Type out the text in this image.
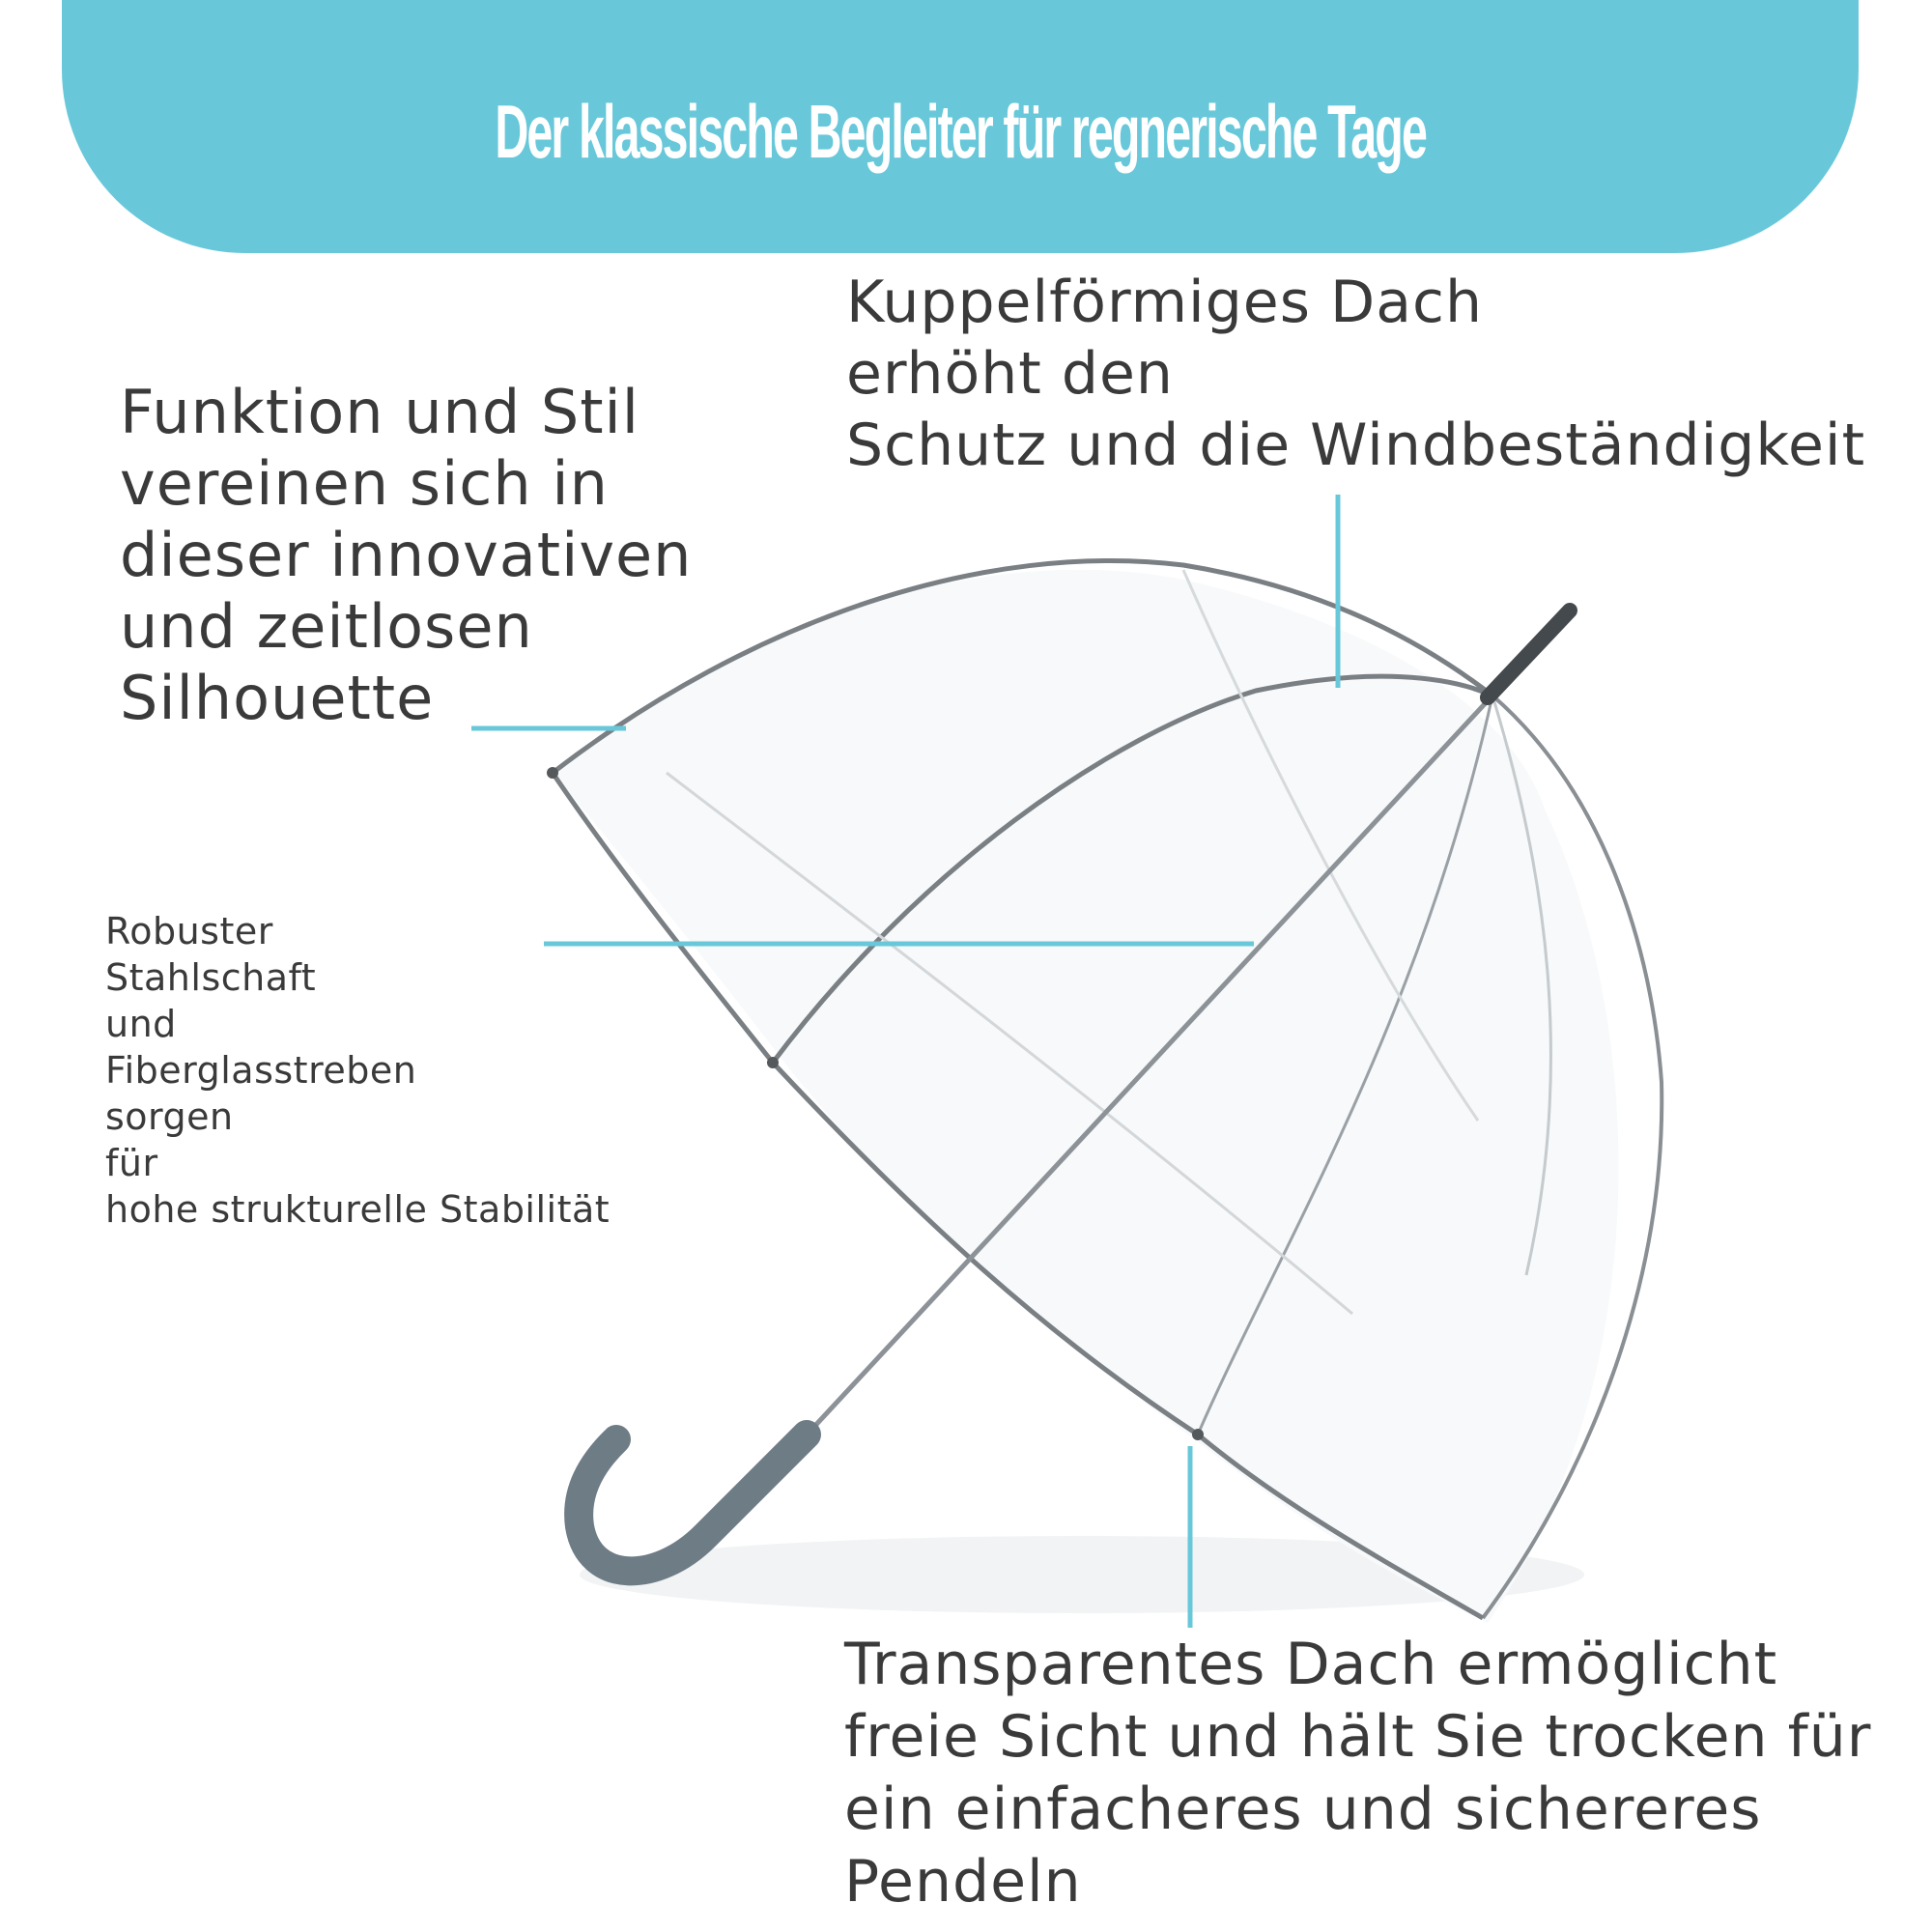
Der klassische Begleiter für regnerische Tage

Kuppelförmiges Dach
erhöht den
Schutz und die Windbeständigkeit

Funktion und Stil
vereinen sich in
dieser innovativen
und zeitlosen
Silhouette

Robuster
Stahlschaft
und
Fiberglasstreben
sorgen
für
hohe strukturelle Stabilität

Transparentes Dach ermöglicht
freie Sicht und hält Sie trocken für
ein einfacheres und sichereres
Pendeln
